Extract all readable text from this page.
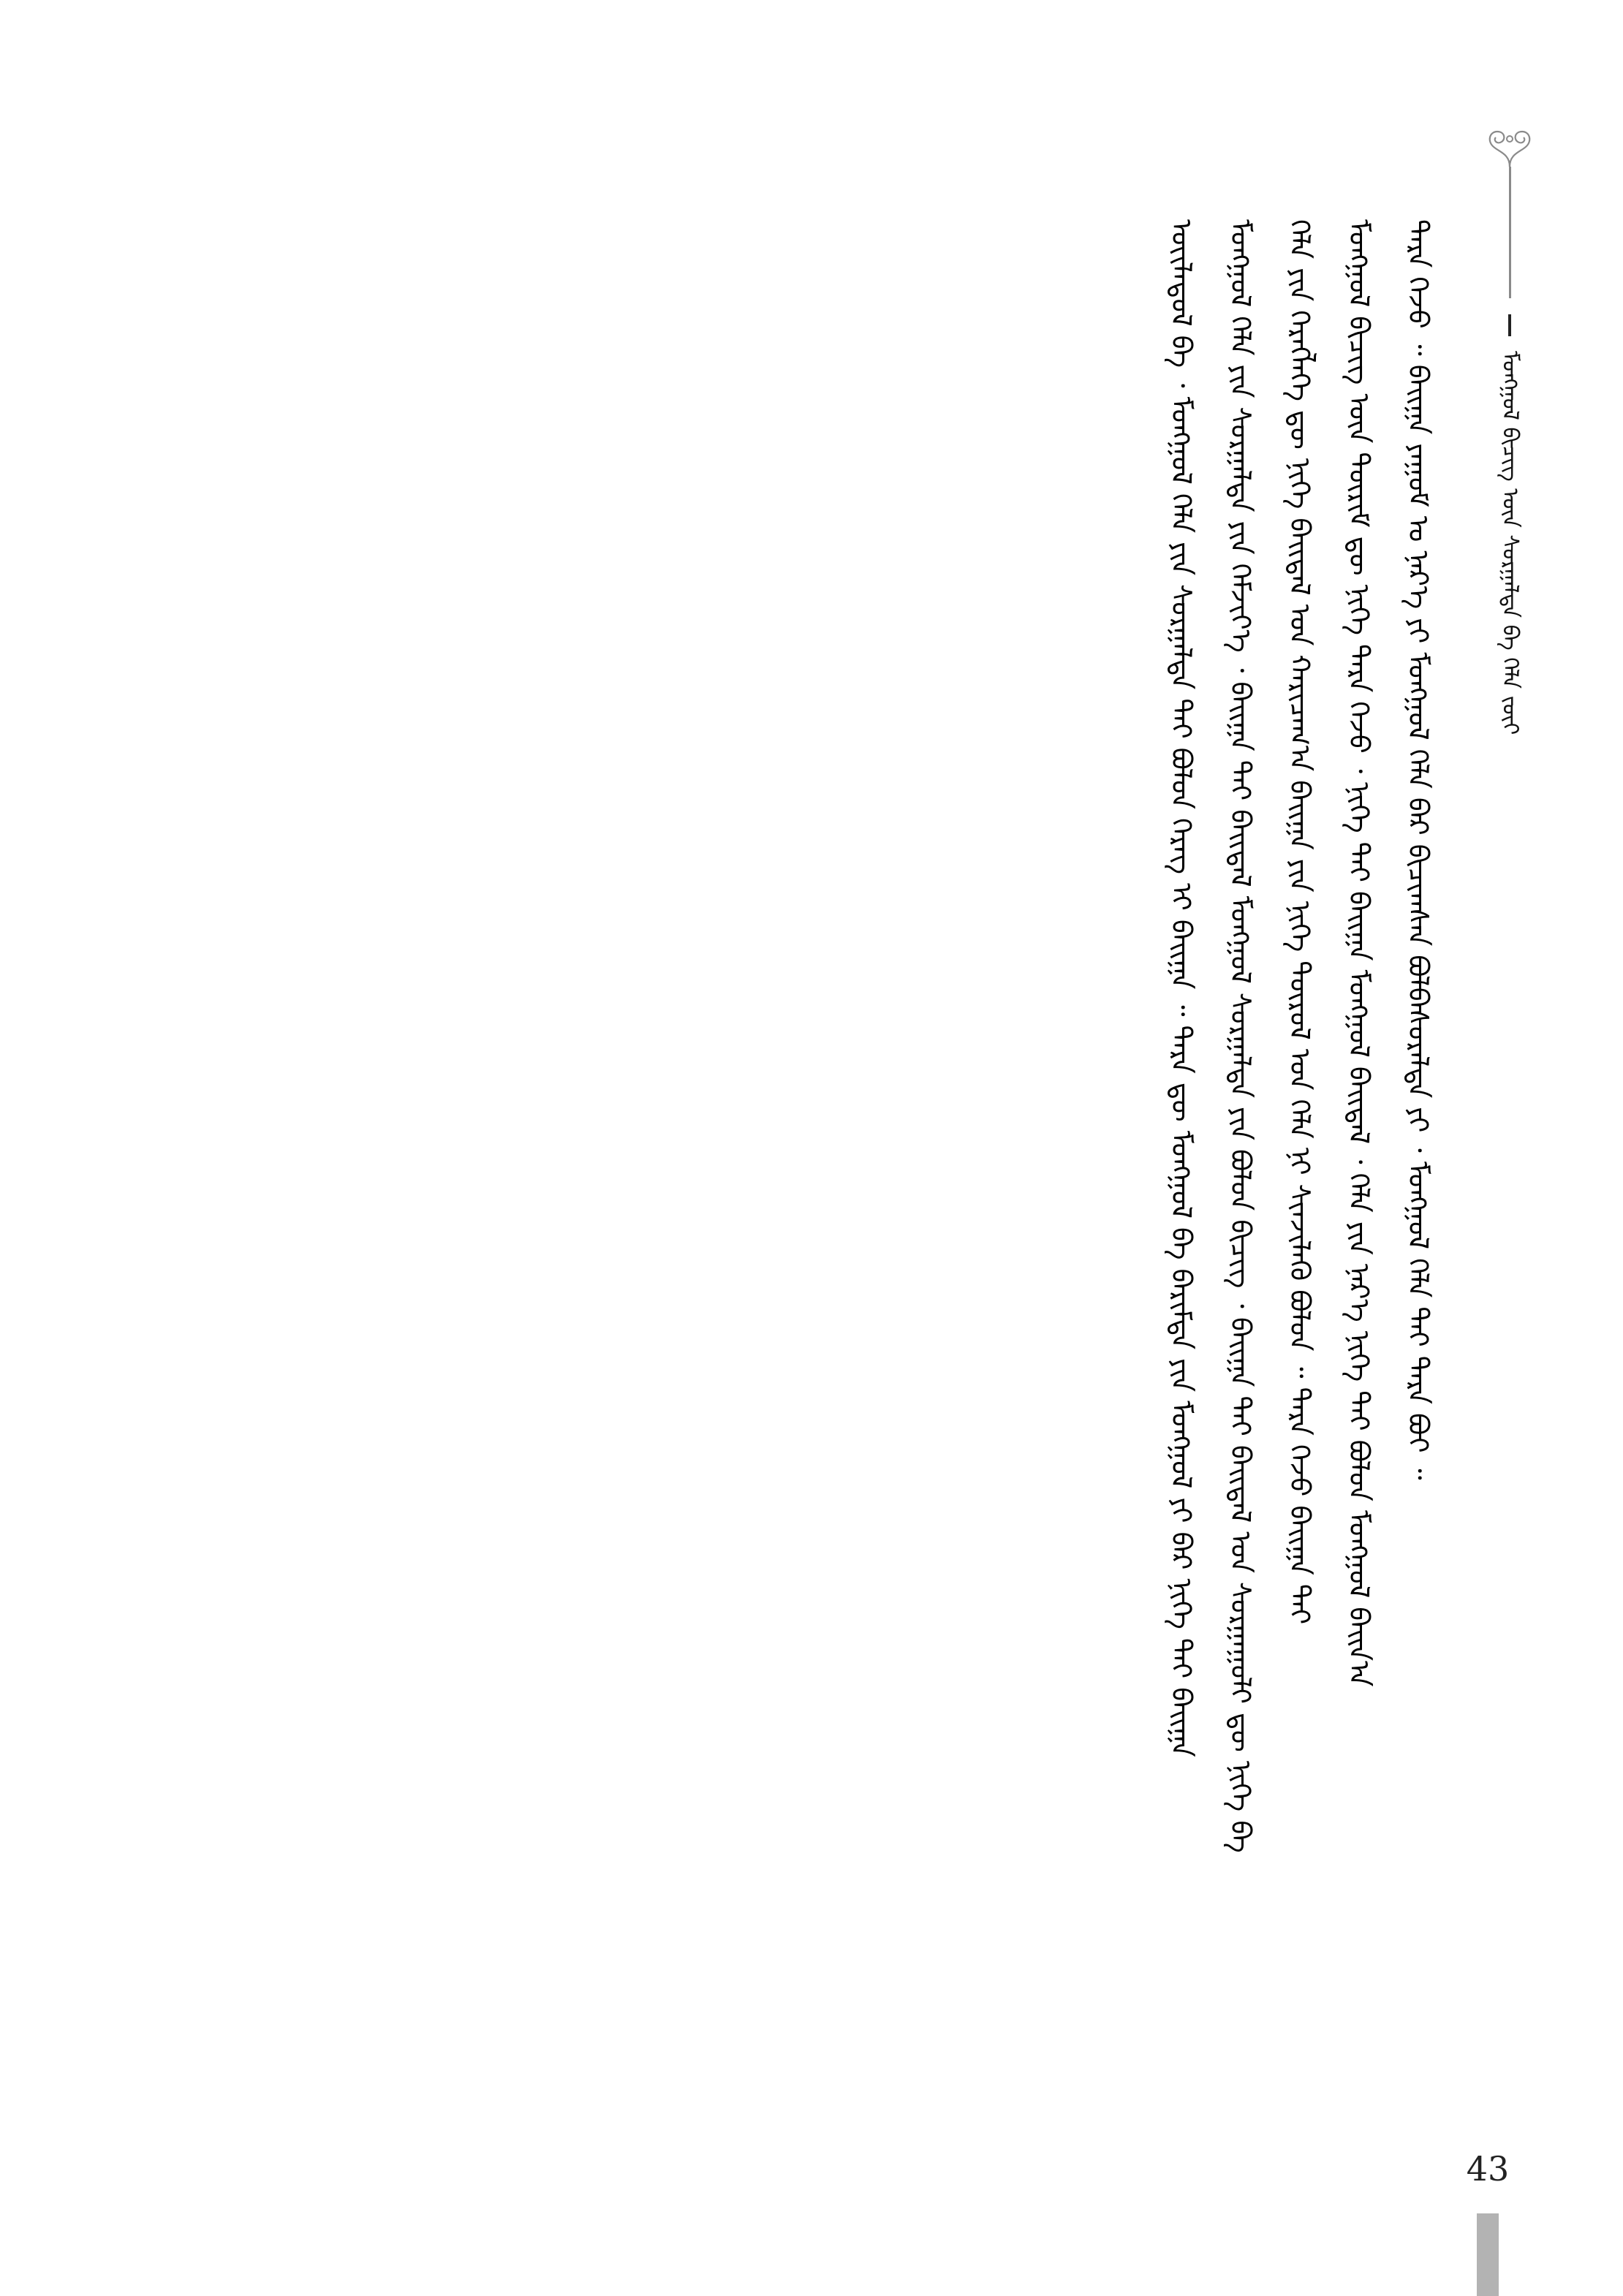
ᠮᠣᠩᠭᠣᠯ ᠪᠢᠴᠢᠭ ᠦᠨ ᠰᠤᠷᠭᠠᠯᠲᠠ ᠪᠠ ᠬᠡᠯᠡ ᠵᠦᠢ
ᠲᠡᠷᠡ ᠭᠡᠵᠦ ᠃ ᠪᠠᠢᠭᠠ ᠶᠠᠭᠤᠮ ᠤ ᠨᠡᠷ᠎ᠡ ᠶᠢ ᠮᠣᠩᠭᠣᠯ ᠬᠡᠯᠡ ᠪᠡᠷ ᠪᠢᠴᠢᠭ᠍ᠰᠡᠨ ᠪᠣᠯᠪᠠᠰᠤᠷᠠᠯᠳᠠ ᠶᠢ ᠂ ᠮᠣᠩᠭᠣᠯ ᠬᠡᠯᠡ ᠲᠡᠢ ᠲᠡᠷᠡ ᠪᠤᠢ ᠃
ᠮᠣᠩᠭᠣᠯ ᠪᠢᠴᠢᠭ ᠦᠨ ᠳᠦᠷᠢᠮ ᠳᠦ ᠨᠢᠭᠡ ᠲᠡᠷᠡ ᠭᠡᠵᠦ ᠂ ᠨᠢᠭᠡ ᠲᠡᠢ ᠪᠠᠢᠭᠠ ᠮᠣᠩᠭᠣᠯ ᠪᠠᠢᠳᠠᠯ ᠂ ᠬᠡᠯᠡ ᠶᠢᠨ ᠨᠡᠷ᠎ᠡ ᠨᠢᠭᠡ ᠲᠡᠢ ᠪᠣᠯᠣᠨ ᠮᠣᠩᠭᠣᠯ ᠪᠠᠢᠨ᠎ᠠ
ᠬᠡᠯᠡ ᠶᠢᠨ ᠬᠡᠷᠡᠭᠯᠡᠭᠡ ᠳᠦ ᠨᠢᠭᠡ ᠪᠠᠢᠳᠠᠯ ᠤᠨ ᠬᠠᠷᠢᠴᠠᠭ᠎ᠠ ᠪᠠᠢᠭᠠ ᠶᠢᠨ ᠨᠢᠭᠡ ᠲᠥᠷᠥᠯ ᠤᠨ ᠬᠡᠯᠡ ᠨᠢ ᠰᠢᠨᠵᠢᠯᠡᠬᠦ ᠪᠣᠯᠣᠨ ᠃ ᠲᠡᠷᠡ ᠭᠡᠵᠦ ᠪᠠᠢᠭᠠ ᠲᠡᠢ
ᠮᠣᠩᠭᠣᠯ ᠬᠡᠯᠡ ᠶᠢᠨ ᠰᠤᠷᠭᠠᠯᠲᠠ ᠶᠢᠨ ᠬᠡᠮᠵᠢᠶ᠎ᠡ ᠂ ᠪᠠᠢᠭᠠ ᠲᠡᠢ ᠪᠠᠢᠳᠠᠯ ᠮᠣᠩᠭᠣᠯ ᠰᠤᠷᠭᠠᠯᠲᠠ ᠶᠢᠨ ᠪᠣᠯᠣᠨ ᠪᠢᠴᠢᠭ ᠂ ᠪᠠᠢᠭᠠ ᠲᠡᠢ ᠪᠠᠢᠳᠠᠯ ᠤᠨ ᠰᠤᠷᠭᠠᠭᠤᠯᠢ ᠳᠦ ᠨᠢᠭᠡ ᠪᠠ
ᠦᠢᠯᠡᠳᠦᠯ ᠪᠠ ᠂ ᠮᠣᠩᠭᠣᠯ ᠬᠡᠯᠡ ᠶᠢᠨ ᠰᠤᠷᠭᠠᠯᠲᠠ ᠲᠡᠢ ᠪᠣᠯᠣᠨ ᠬᠡᠷᠡᠭ ᠢ ᠪᠠᠢᠭᠠ ᠃ ᠲᠡᠷᠡ ᠳᠦ ᠮᠣᠩᠭᠣᠯ ᠪᠠ ᠪᠠᠷᠢᠮᠲᠠ ᠶᠢᠨ ᠮᠣᠩᠭᠣᠯ ᠶᠢ ᠪᠡᠷ ᠨᠢᠭᠡ ᠲᠡᠢ ᠪᠠᠢᠭᠠ
43
